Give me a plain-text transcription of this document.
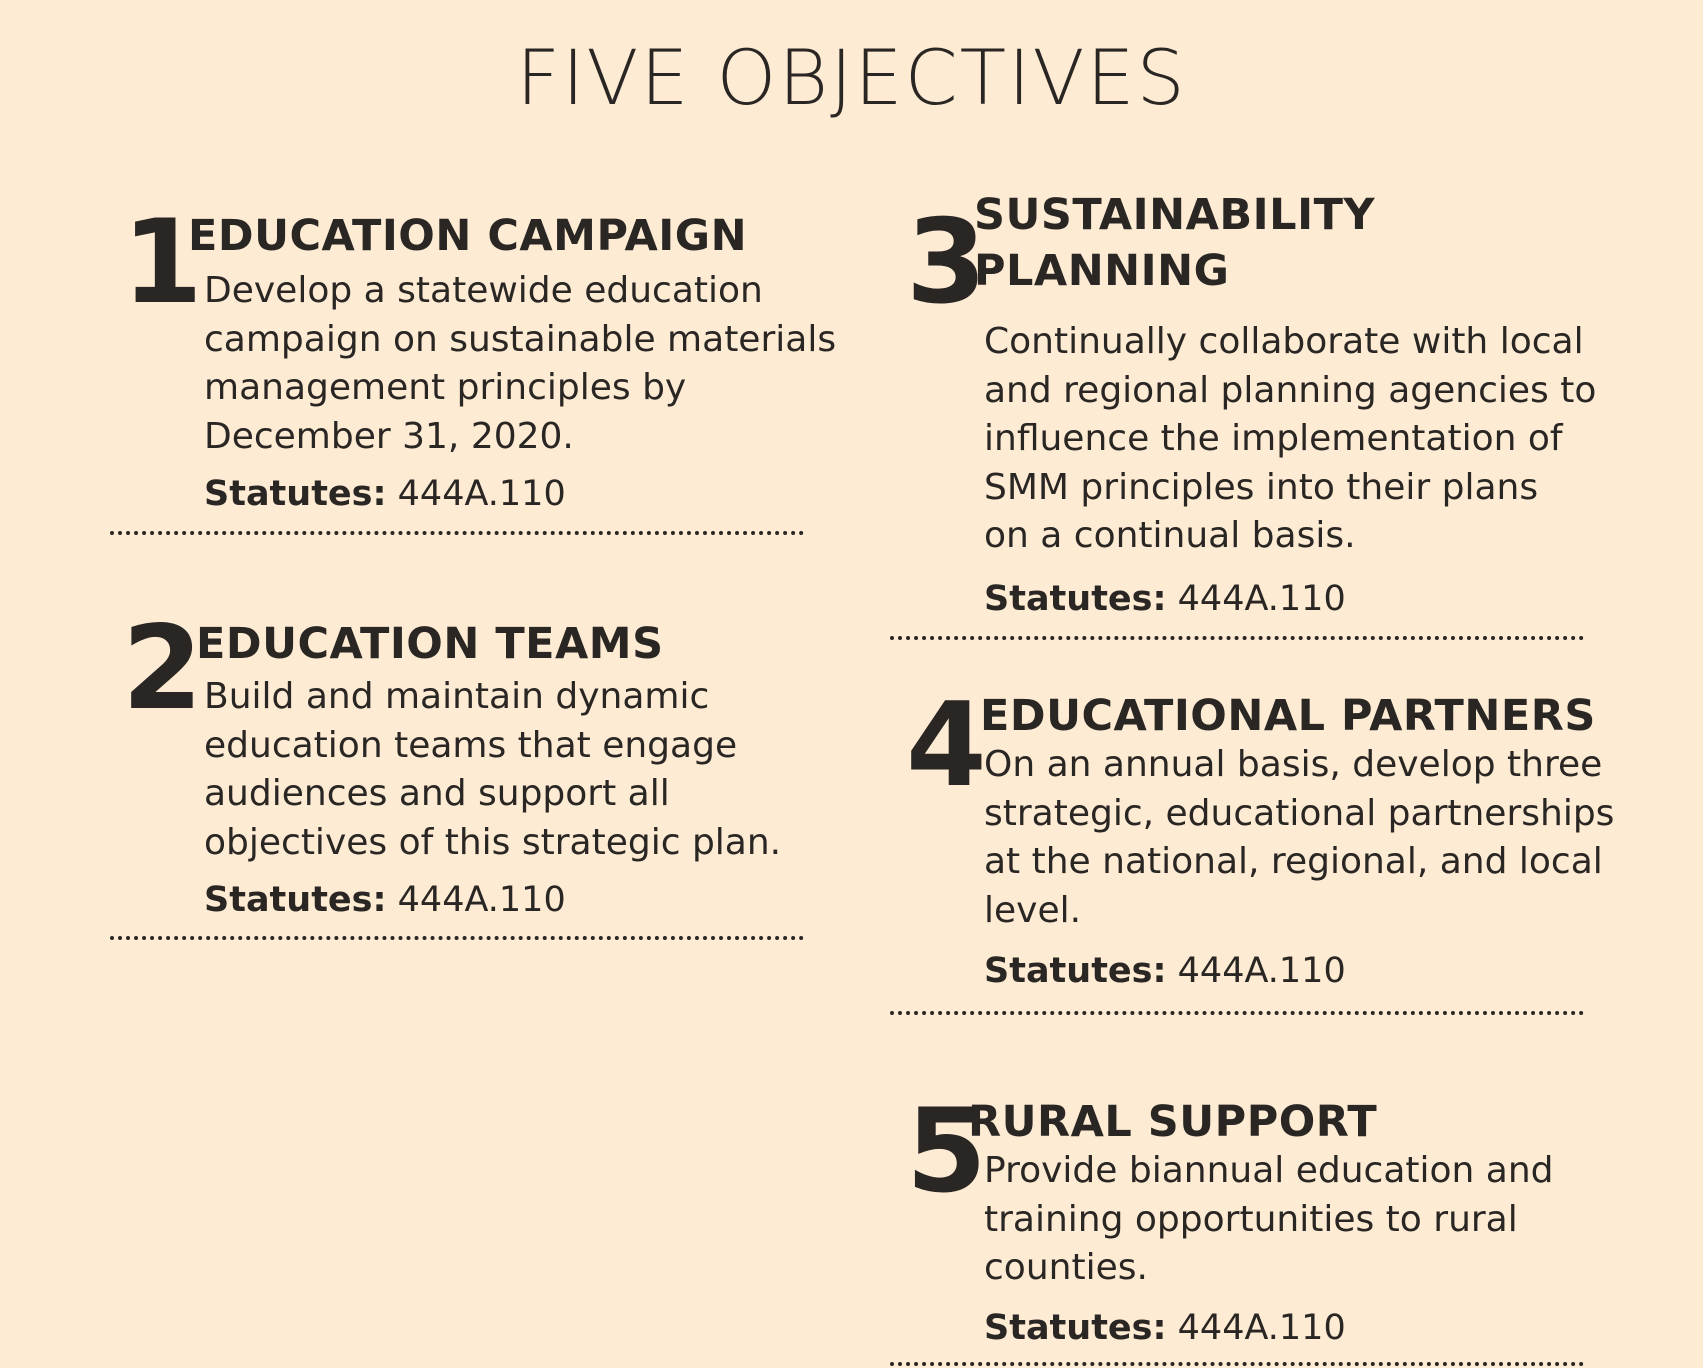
FIVE OBJECTIVES
1
EDUCATION CAMPAIGN
Develop a statewide education
campaign on sustainable materials
management principles by
December 31, 2020.
Statutes: 444A.110
2
EDUCATION TEAMS
Build and maintain dynamic
education teams that engage
audiences and support all
objectives of this strategic plan.
Statutes: 444A.110
3
SUSTAINABILITY
PLANNING
Continually collaborate with local
and regional planning agencies to
influence the implementation of
SMM principles into their plans
on a continual basis.
Statutes: 444A.110
4
EDUCATIONAL PARTNERS
On an annual basis, develop three
strategic, educational partnerships
at the national, regional, and local
level.
Statutes: 444A.110
5
RURAL SUPPORT
Provide biannual education and
training opportunities to rural
counties.
Statutes: 444A.110
